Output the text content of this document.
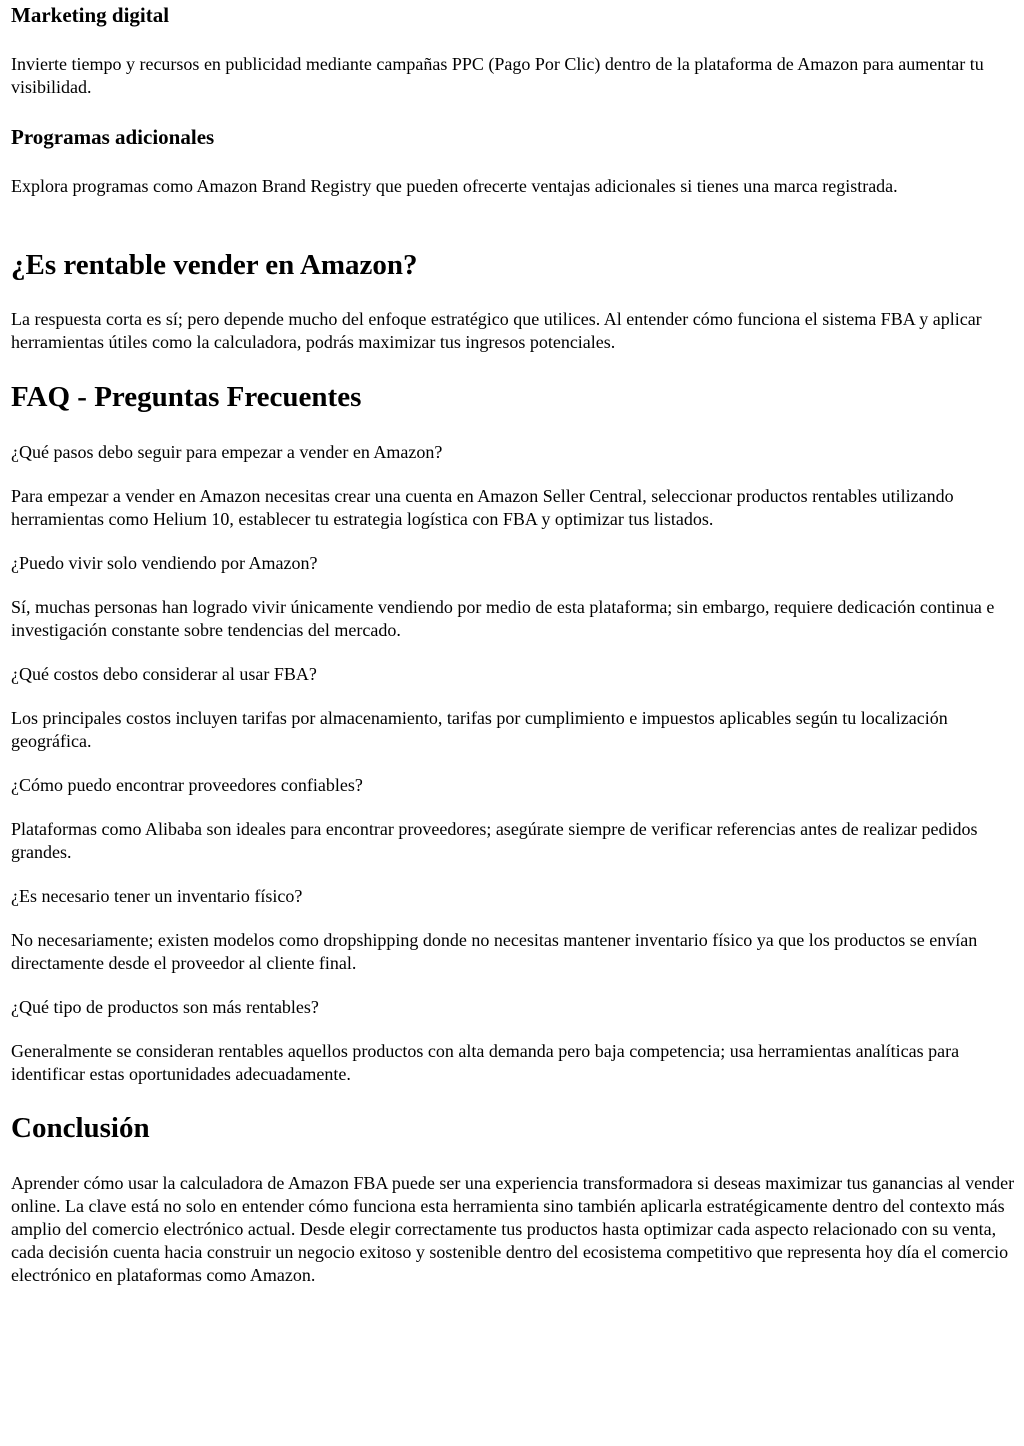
Marketing digital

Invierte tiempo y recursos en publicidad mediante campañas PPC (Pago Por Clic) dentro de la plataforma de Amazon para aumentar tu visibilidad.

Programas adicionales

Explora programas como Amazon Brand Registry que pueden ofrecerte ventajas adicionales si tienes una marca registrada.

¿Es rentable vender en Amazon?

La respuesta corta es sí; pero depende mucho del enfoque estratégico que utilices. Al entender cómo funciona el sistema FBA y aplicar herramientas útiles como la calculadora, podrás maximizar tus ingresos potenciales.

FAQ - Preguntas Frecuentes

¿Qué pasos debo seguir para empezar a vender en Amazon?

Para empezar a vender en Amazon necesitas crear una cuenta en Amazon Seller Central, seleccionar productos rentables utilizando herramientas como Helium 10, establecer tu estrategia logística con FBA y optimizar tus listados.

¿Puedo vivir solo vendiendo por Amazon?

Sí, muchas personas han logrado vivir únicamente vendiendo por medio de esta plataforma; sin embargo, requiere dedicación continua e investigación constante sobre tendencias del mercado.

¿Qué costos debo considerar al usar FBA?

Los principales costos incluyen tarifas por almacenamiento, tarifas por cumplimiento e impuestos aplicables según tu localización geográfica.

¿Cómo puedo encontrar proveedores confiables?

Plataformas como Alibaba son ideales para encontrar proveedores; asegúrate siempre de verificar referencias antes de realizar pedidos grandes.

¿Es necesario tener un inventario físico?

No necesariamente; existen modelos como dropshipping donde no necesitas mantener inventario físico ya que los productos se envían directamente desde el proveedor al cliente final.

¿Qué tipo de productos son más rentables?

Generalmente se consideran rentables aquellos productos con alta demanda pero baja competencia; usa herramientas analíticas para identificar estas oportunidades adecuadamente.

Conclusión

Aprender cómo usar la calculadora de Amazon FBA puede ser una experiencia transformadora si deseas maximizar tus ganancias al vender online. La clave está no solo en entender cómo funciona esta herramienta sino también aplicarla estratégicamente dentro del contexto más amplio del comercio electrónico actual. Desde elegir correctamente tus productos hasta optimizar cada aspecto relacionado con su venta, cada decisión cuenta hacia construir un negocio exitoso y sostenible dentro del ecosistema competitivo que representa hoy día el comercio electrónico en plataformas como Amazon.
